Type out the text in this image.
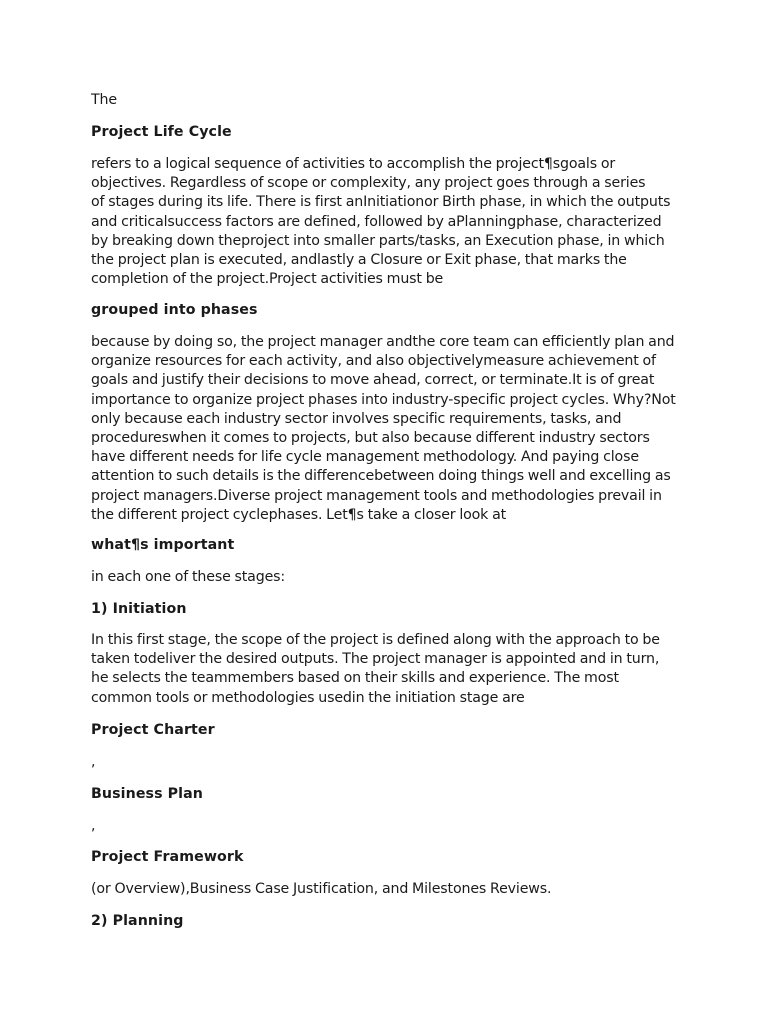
The

Project Life Cycle

refers to a logical sequence of activities to accomplish the project¶sgoals or
objectives. Regardless of scope or complexity, any project goes through a series
of stages during its life. There is first anInitiationor Birth phase, in which the outputs
and criticalsuccess factors are defined, followed by aPlanningphase, characterized
by breaking down theproject into smaller parts/tasks, an Execution phase, in which
the project plan is executed, andlastly a Closure or Exit phase, that marks the
completion of the project.Project activities must be

grouped into phases

because by doing so, the project manager andthe core team can efficiently plan and
organize resources for each activity, and also objectivelymeasure achievement of
goals and justify their decisions to move ahead, correct, or terminate.It is of great
importance to organize project phases into industry-specific project cycles. Why?Not
only because each industry sector involves specific requirements, tasks, and
procedureswhen it comes to projects, but also because different industry sectors
have different needs for life cycle management methodology. And paying close
attention to such details is the differencebetween doing things well and excelling as
project managers.Diverse project management tools and methodologies prevail in
the different project cyclephases. Let¶s take a closer look at

what¶s important

in each one of these stages:

1) Initiation

In this first stage, the scope of the project is defined along with the approach to be
taken todeliver the desired outputs. The project manager is appointed and in turn,
he selects the teammembers based on their skills and experience. The most
common tools or methodologies usedin the initiation stage are

Project Charter

,

Business Plan

,

Project Framework

(or Overview),Business Case Justification, and Milestones Reviews.

2) Planning
